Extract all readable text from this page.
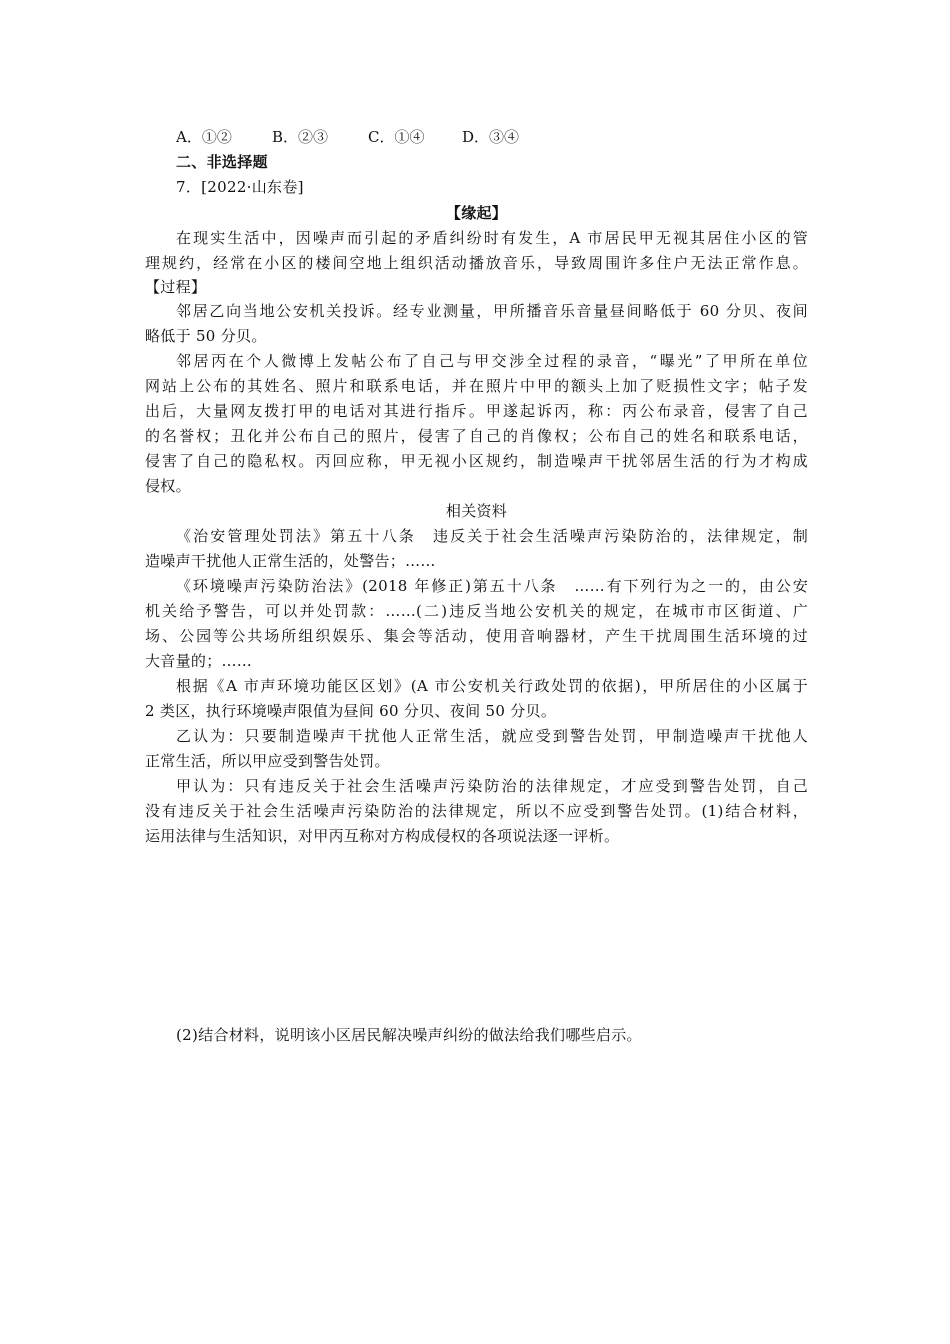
A．①②	B．②③	C．①④	D．③④

二、非选择题

7．[2022·山东卷]

【缘起】

在现实生活中，因噪声而引起的矛盾纠纷时有发生，A 市居民甲无视其居住小区的管

理规约，经常在小区的楼间空地上组织活动播放音乐，导致周围许多住户无法正常作息。

【过程】

邻居乙向当地公安机关投诉。经专业测量，甲所播音乐音量昼间略低于 60 分贝、夜间

略低于 50 分贝。

邻居丙在个人微博上发帖公布了自己与甲交涉全过程的录音，“曝光”了甲所在单位

网站上公布的其姓名、照片和联系电话，并在照片中甲的额头上加了贬损性文字；帖子发

出后，大量网友拨打甲的电话对其进行指斥。甲遂起诉丙，称：丙公布录音，侵害了自己

的名誉权；丑化并公布自己的照片，侵害了自己的肖像权；公布自己的姓名和联系电话，

侵害了自己的隐私权。丙回应称，甲无视小区规约，制造噪声干扰邻居生活的行为才构成

侵权。

相关资料

《治安管理处罚法》第五十八条　违反关于社会生活噪声污染防治的，法律规定，制

造噪声干扰他人正常生活的，处警告；……

《环境噪声污染防治法》(2018 年修正)第五十八条　……有下列行为之一的，由公安

机关给予警告，可以并处罚款：……(二)违反当地公安机关的规定，在城市市区街道、广

场、公园等公共场所组织娱乐、集会等活动，使用音响器材，产生干扰周围生活环境的过

大音量的；……

根据《A 市声环境功能区区划》(A 市公安机关行政处罚的依据)，甲所居住的小区属于

2 类区，执行环境噪声限值为昼间 60 分贝、夜间 50 分贝。

乙认为：只要制造噪声干扰他人正常生活，就应受到警告处罚，甲制造噪声干扰他人

正常生活，所以甲应受到警告处罚。

甲认为：只有违反关于社会生活噪声污染防治的法律规定，才应受到警告处罚，自己

没有违反关于社会生活噪声污染防治的法律规定，所以不应受到警告处罚。(1)结合材料，

运用法律与生活知识，对甲丙互称对方构成侵权的各项说法逐一评析。

(2)结合材料，说明该小区居民解决噪声纠纷的做法给我们哪些启示。
